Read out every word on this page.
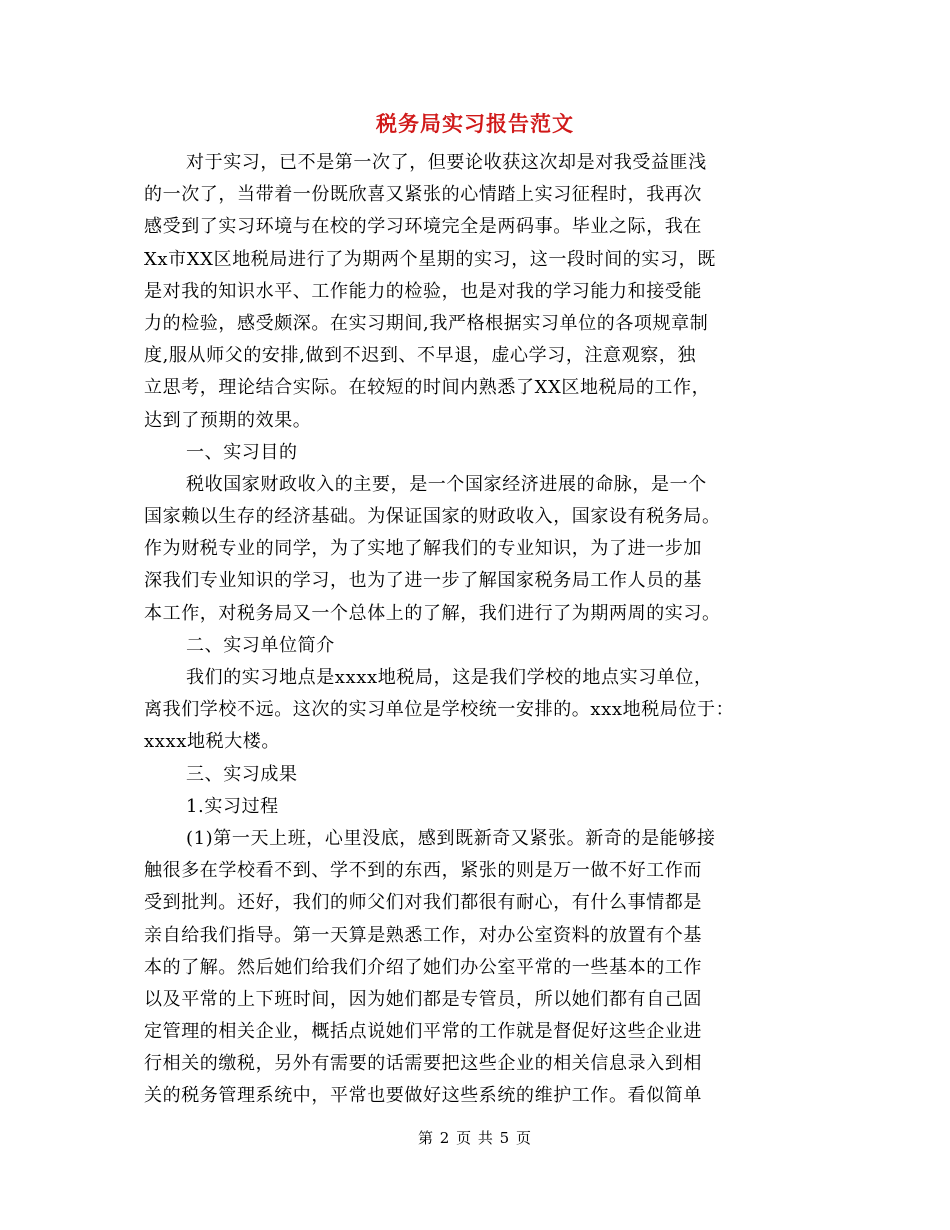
税务局实习报告范文
对于实习，已不是第一次了，但要论收获这次却是对我受益匪浅
的一次了，当带着一份既欣喜又紧张的心情踏上实习征程时，我再次
感受到了实习环境与在校的学习环境完全是两码事。毕业之际，我在
Xx市XX区地税局进行了为期两个星期的实习，这一段时间的实习，既
是对我的知识水平、工作能力的检验，也是对我的学习能力和接受能
力的检验，感受颇深。在实习期间,我严格根据实习单位的各项规章制
度,服从师父的安排,做到不迟到、不早退，虚心学习，注意观察，独
立思考，理论结合实际。在较短的时间内熟悉了XX区地税局的工作，
达到了预期的效果。
一、实习目的
税收国家财政收入的主要，是一个国家经济进展的命脉，是一个
国家赖以生存的经济基础。为保证国家的财政收入，国家设有税务局。
作为财税专业的同学，为了实地了解我们的专业知识，为了进一步加
深我们专业知识的学习，也为了进一步了解国家税务局工作人员的基
本工作，对税务局又一个总体上的了解，我们进行了为期两周的实习。
二、实习单位简介
我们的实习地点是xxxx地税局，这是我们学校的地点实习单位，
离我们学校不远。这次的实习单位是学校统一安排的。xxx地税局位于：
xxxx地税大楼。
三、实习成果
1.实习过程
(1)第一天上班，心里没底，感到既新奇又紧张。新奇的是能够接
触很多在学校看不到、学不到的东西，紧张的则是万一做不好工作而
受到批判。还好，我们的师父们对我们都很有耐心，有什么事情都是
亲自给我们指导。第一天算是熟悉工作，对办公室资料的放置有个基
本的了解。然后她们给我们介绍了她们办公室平常的一些基本的工作
以及平常的上下班时间，因为她们都是专管员，所以她们都有自己固
定管理的相关企业，概括点说她们平常的工作就是督促好这些企业进
行相关的缴税，另外有需要的话需要把这些企业的相关信息录入到相
关的税务管理系统中，平常也要做好这些系统的维护工作。看似简单
第 2 页 共 5 页
